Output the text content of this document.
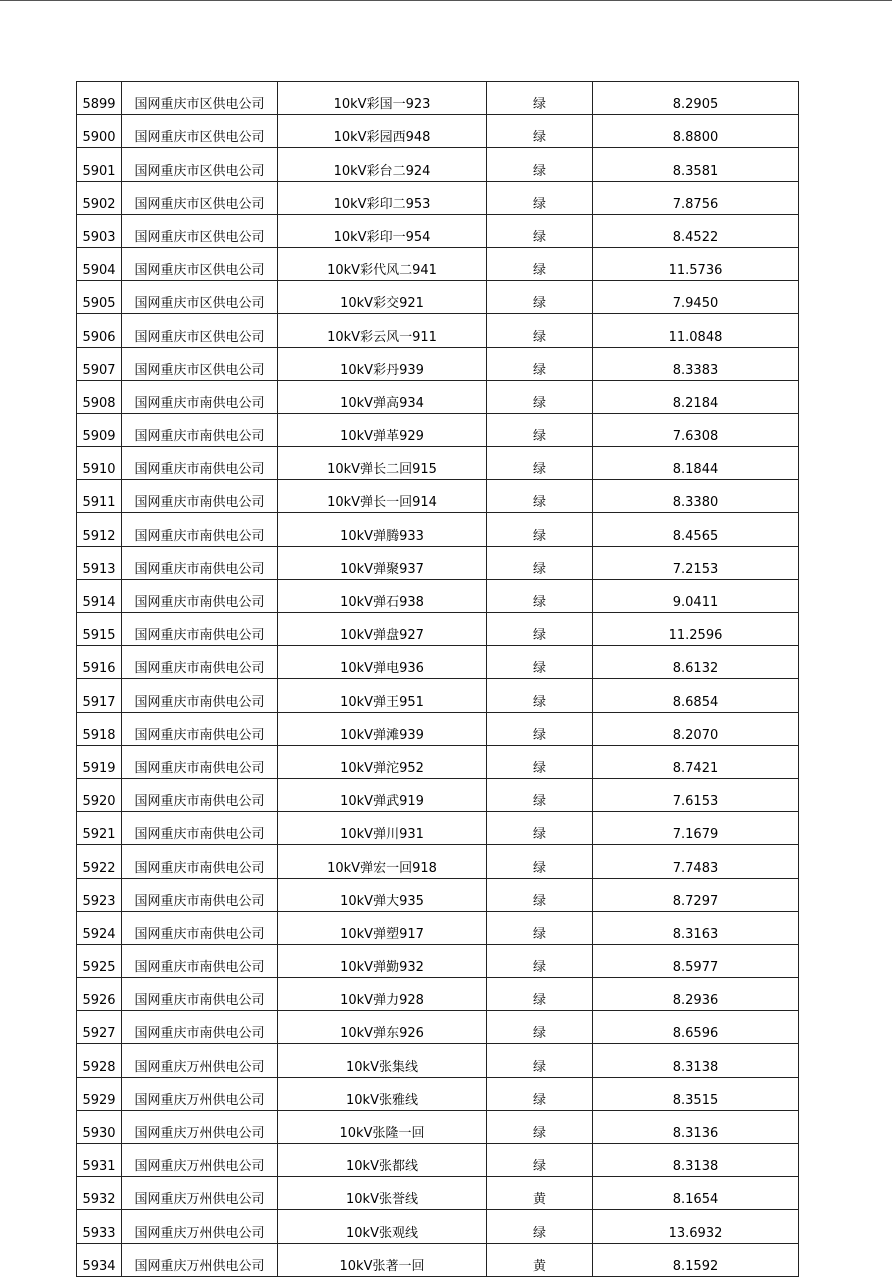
5899	国网重庆市区供电公司	10kV彩国一923	绿	8.2905
5900	国网重庆市区供电公司	10kV彩园西948	绿	8.8800
5901	国网重庆市区供电公司	10kV彩台二924	绿	8.3581
5902	国网重庆市区供电公司	10kV彩印二953	绿	7.8756
5903	国网重庆市区供电公司	10kV彩印一954	绿	8.4522
5904	国网重庆市区供电公司	10kV彩代风二941	绿	11.5736
5905	国网重庆市区供电公司	10kV彩交921	绿	7.9450
5906	国网重庆市区供电公司	10kV彩云风一911	绿	11.0848
5907	国网重庆市区供电公司	10kV彩丹939	绿	8.3383
5908	国网重庆市南供电公司	10kV弹高934	绿	8.2184
5909	国网重庆市南供电公司	10kV弹革929	绿	7.6308
5910	国网重庆市南供电公司	10kV弹长二回915	绿	8.1844
5911	国网重庆市南供电公司	10kV弹长一回914	绿	8.3380
5912	国网重庆市南供电公司	10kV弹腾933	绿	8.4565
5913	国网重庆市南供电公司	10kV弹聚937	绿	7.2153
5914	国网重庆市南供电公司	10kV弹石938	绿	9.0411
5915	国网重庆市南供电公司	10kV弹盘927	绿	11.2596
5916	国网重庆市南供电公司	10kV弹电936	绿	8.6132
5917	国网重庆市南供电公司	10kV弹王951	绿	8.6854
5918	国网重庆市南供电公司	10kV弹滩939	绿	8.2070
5919	国网重庆市南供电公司	10kV弹沱952	绿	8.7421
5920	国网重庆市南供电公司	10kV弹武919	绿	7.6153
5921	国网重庆市南供电公司	10kV弹川931	绿	7.1679
5922	国网重庆市南供电公司	10kV弹宏一回918	绿	7.7483
5923	国网重庆市南供电公司	10kV弹大935	绿	8.7297
5924	国网重庆市南供电公司	10kV弹塑917	绿	8.3163
5925	国网重庆市南供电公司	10kV弹勤932	绿	8.5977
5926	国网重庆市南供电公司	10kV弹力928	绿	8.2936
5927	国网重庆市南供电公司	10kV弹东926	绿	8.6596
5928	国网重庆万州供电公司	10kV张集线	绿	8.3138
5929	国网重庆万州供电公司	10kV张雅线	绿	8.3515
5930	国网重庆万州供电公司	10kV张隆一回	绿	8.3136
5931	国网重庆万州供电公司	10kV张都线	绿	8.3138
5932	国网重庆万州供电公司	10kV张誉线	黄	8.1654
5933	国网重庆万州供电公司	10kV张观线	绿	13.6932
5934	国网重庆万州供电公司	10kV张著一回	黄	8.1592
